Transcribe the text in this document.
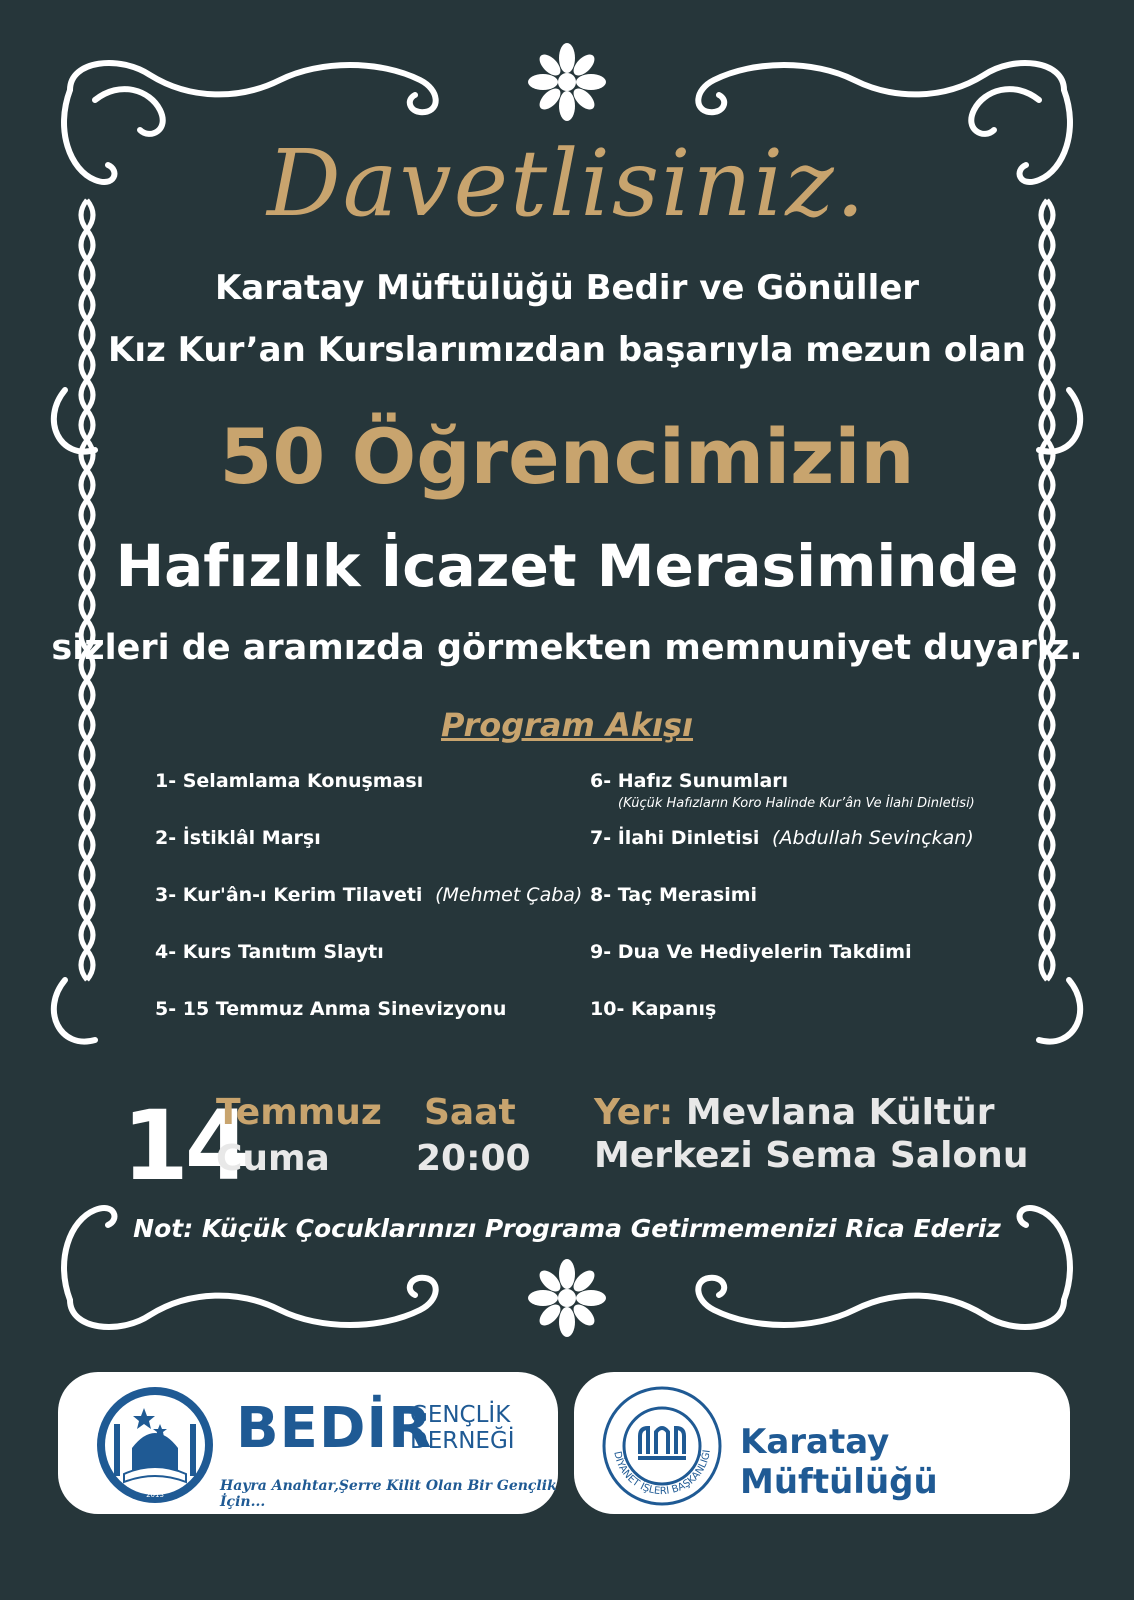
Davetlisiniz.
Karatay Müftülüğü Bedir ve Gönüller
Kız Kur’an Kurslarımızdan başarıyla mezun olan
50 Öğrencimizin
Hafızlık İcazet Merasiminde
sizleri de aramızda görmekten memnuniyet duyarız.
Program Akışı
1- Selamlama Konuşması
2- İstiklâl Marşı
3- Kur'ân-ı Kerim Tilaveti (Mehmet Çaba)
4- Kurs Tanıtım Slaytı
5- 15 Temmuz Anma Sinevizyonu
6- Hafız Sunumları
(Küçük Hafızların Koro Halinde Kur’ân Ve İlahi Dinletisi)
7- İlahi Dinletisi (Abdullah Sevinçkan)
8- Taç Merasimi
9- Dua Ve Hediyelerin Takdimi
10- Kapanış
14
Temmuz
Cuma
Saat
20:00
Yer: Mevlana Kültür
Merkezi Sema Salonu
Not: Küçük Çocuklarınızı Programa Getirmemenizi Rica Ederiz
KONYA
2013
BEDİR
GENÇLİK
DERNEĞİ
Hayra Anahtar,Şerre Kilit Olan Bir Gençlik İçin...
DİYANET İŞLERİ BAŞKANLIĞI Karatay Müftülüğü
